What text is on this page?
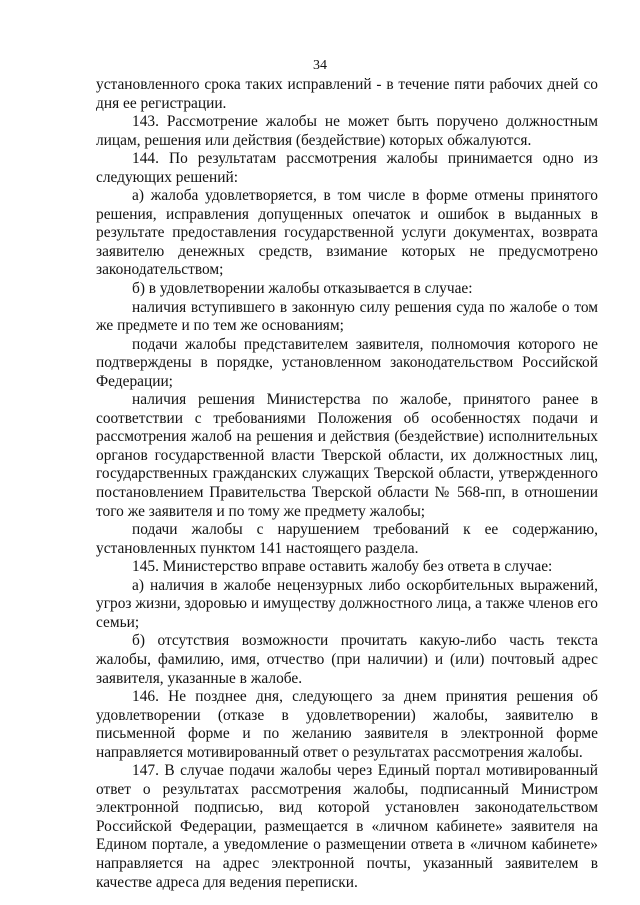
34

установленного срока таких исправлений - в течение пяти рабочих дней со дня ее регистрации.

143. Рассмотрение жалобы не может быть поручено должностным лицам, решения или действия (бездействие) которых обжалуются.

144. По результатам рассмотрения жалобы принимается одно из следующих решений:

а) жалоба удовлетворяется, в том числе в форме отмены принятого решения, исправления допущенных опечаток и ошибок в выданных в результате предоставления государственной услуги документах, возврата заявителю денежных средств, взимание которых не предусмотрено законодательством;

б) в удовлетворении жалобы отказывается в случае:

наличия вступившего в законную силу решения суда по жалобе о том же предмете и по тем же основаниям;

подачи жалобы представителем заявителя, полномочия которого не подтверждены в порядке, установленном законодательством Российской Федерации;

наличия решения Министерства по жалобе, принятого ранее в соответствии с требованиями Положения об особенностях подачи и рассмотрения жалоб на решения и действия (бездействие) исполнительных органов государственной власти Тверской области, их должностных лиц, государственных гражданских служащих Тверской области, утвержденного постановлением Правительства Тверской области № 568-пп, в отношении того же заявителя и по тому же предмету жалобы;

подачи жалобы с нарушением требований к ее содержанию, установленных пунктом 141 настоящего раздела.

145. Министерство вправе оставить жалобу без ответа в случае:

а) наличия в жалобе нецензурных либо оскорбительных выражений, угроз жизни, здоровью и имуществу должностного лица, а также членов его семьи;

б) отсутствия возможности прочитать какую-либо часть текста жалобы, фамилию, имя, отчество (при наличии) и (или) почтовый адрес заявителя, указанные в жалобе.

146. Не позднее дня, следующего за днем принятия решения об удовлетворении (отказе в удовлетворении) жалобы, заявителю в письменной форме и по желанию заявителя в электронной форме направляется мотивированный ответ о результатах рассмотрения жалобы.

147. В случае подачи жалобы через Единый портал мотивированный ответ о результатах рассмотрения жалобы, подписанный Министром электронной подписью, вид которой установлен законодательством Российской Федерации, размещается в «личном кабинете» заявителя на Едином портале, а уведомление о размещении ответа в «личном кабинете» направляется на адрес электронной почты, указанный заявителем в качестве адреса для ведения переписки.
